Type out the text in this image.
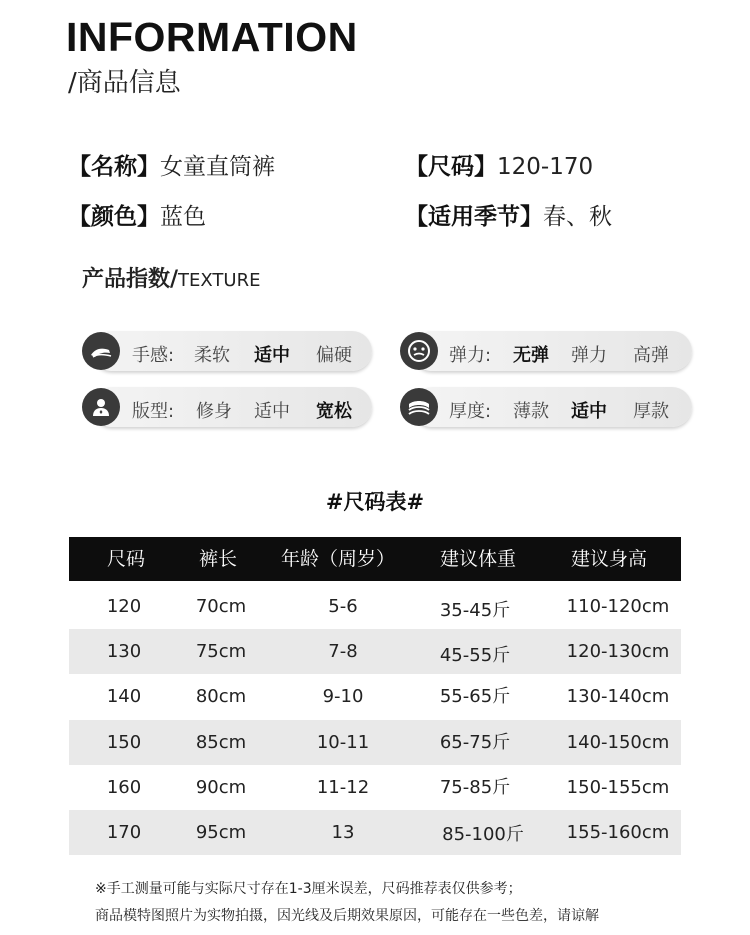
INFORMATION
/商品信息
【名称】女童直筒裤	【尺码】120-170
【颜色】蓝色	【适用季节】春、秋
产品指数/TEXTURE
手感:	柔软	适中	偏硬	弹力:	无弹	弹力	高弹
版型:	修身	适中	宽松	厚度:	薄款	适中	厚款
#尺码表#
尺码	裤长 年龄（周岁） 建议体重	建议身高
120	70cm	5-6	35-45斤	110-120cm
130	75cm	7-8	45-55斤	120-130cm
140	80cm	9-10	55-65斤	130-140cm
150	85cm	10-11	65-75斤	140-150cm
160	90cm	11-12	75-85斤	150-155cm
170	95cm	13	85-100斤 155-160cm
※手工测量可能与实际尺寸存在1-3厘米误差，尺码推荐表仅供参考；
商品模特图照片为实物拍摄，因光线及后期效果原因，可能存在一些色差，请谅解
